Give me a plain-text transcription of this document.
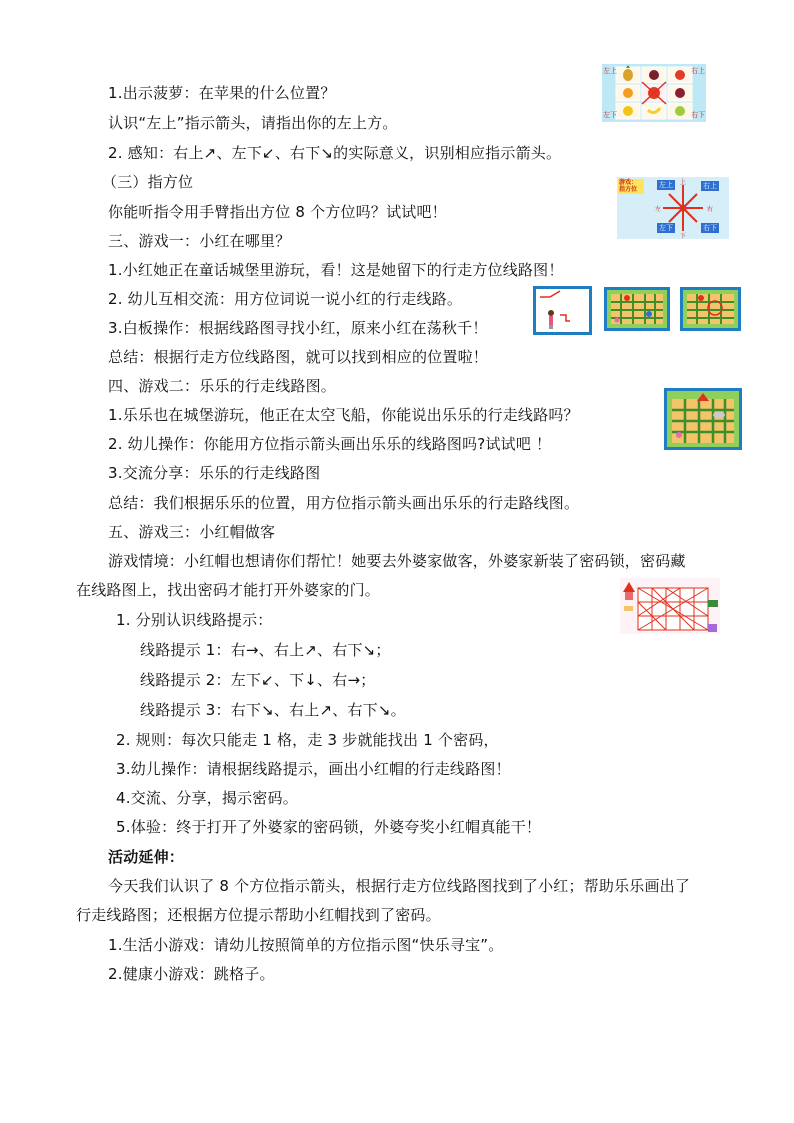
1.出示菠萝：在苹果的什么位置？
认识“左上”指示箭头，请指出你的左上方。
2. 感知：右上↗、左下↙、右下↘的实际意义，识别相应指示箭头。
（三）指方位
你能听指令用手臂指出方位 8 个方位吗？试试吧！
三、游戏一：小红在哪里？
1.小红她正在童话城堡里游玩，看！这是她留下的行走方位线路图！
2. 幼儿互相交流：用方位词说一说小红的行走线路。
3.白板操作：根据线路图寻找小红，原来小红在荡秋千！
总结：根据行走方位线路图，就可以找到相应的位置啦！
四、游戏二：乐乐的行走线路图。
1.乐乐也在城堡游玩，他正在太空飞船，你能说出乐乐的行走线路吗？
2. 幼儿操作：你能用方位指示箭头画出乐乐的线路图吗?试试吧 ！
3.交流分享：乐乐的行走线路图
总结：我们根据乐乐的位置，用方位指示箭头画出乐乐的行走路线图。
五、游戏三：小红帽做客
游戏情境：小红帽也想请你们帮忙！她要去外婆家做客，外婆家新装了密码锁，密码藏
在线路图上，找出密码才能打开外婆家的门。
1. 分别认识线路提示：
线路提示 1：右→、右上↗、右下↘；
线路提示 2：左下↙、下↓、右→；
线路提示 3：右下↘、右上↗、右下↘。
2. 规则：每次只能走 1 格，走 3 步就能找出 1 个密码，
3.幼儿操作：请根据线路提示，画出小红帽的行走线路图！
4.交流、分享，揭示密码。
5.体验：终于打开了外婆家的密码锁，外婆夸奖小红帽真能干！
活动延伸：
今天我们认识了 8 个方位指示箭头，根据行走方位线路图找到了小红；帮助乐乐画出了
行走线路图；还根据方位提示帮助小红帽找到了密码。
1.生活小游戏：请幼儿按照简单的方位指示图“快乐寻宝”。
2.健康小游戏：跳格子。
左上	右上
左下	右下
游戏：
指方位
左上	右上
左下	右下
上
下
左	右
